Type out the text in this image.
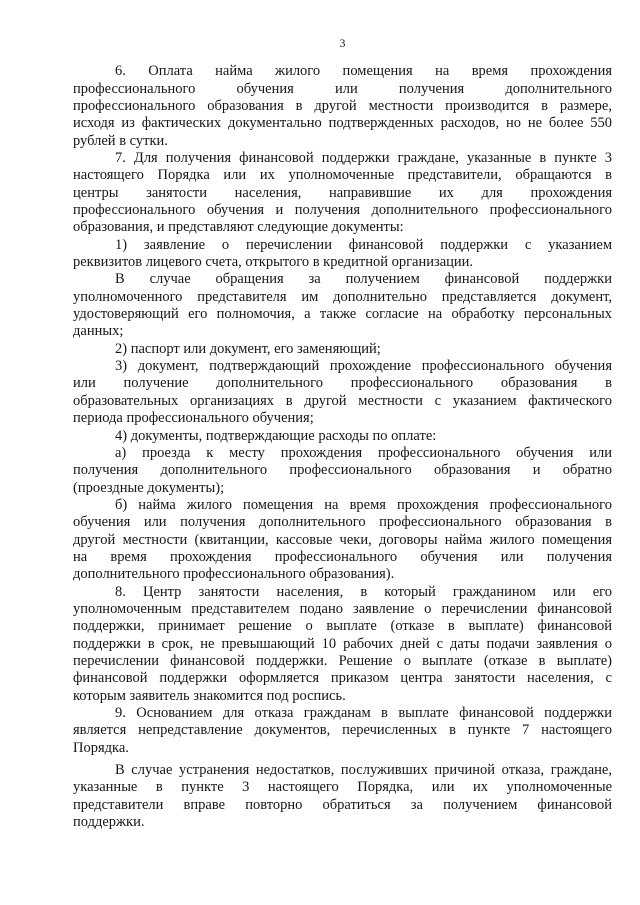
3
6. Оплата найма жилого помещения на время прохождения
профессионального обучения или получения дополнительного
профессионального образования в другой местности производится в размере,
исходя из фактических документально подтвержденных расходов, но не более 550
рублей в сутки.
7. Для получения финансовой поддержки граждане, указанные в пункте 3
настоящего Порядка или их уполномоченные представители, обращаются в
центры занятости населения, направившие их для прохождения
профессионального обучения и получения дополнительного профессионального
образования, и представляют следующие документы:
1) заявление о перечислении финансовой поддержки с указанием
реквизитов лицевого счета, открытого в кредитной организации.
В случае обращения за получением финансовой поддержки
уполномоченного представителя им дополнительно представляется документ,
удостоверяющий его полномочия, а также согласие на обработку персональных
данных;
2) паспорт или документ, его заменяющий;
3) документ, подтверждающий прохождение профессионального обучения
или получение дополнительного профессионального образования в
образовательных организациях в другой местности с указанием фактического
периода профессионального обучения;
4) документы, подтверждающие расходы по оплате:
а) проезда к месту прохождения профессионального обучения или
получения дополнительного профессионального образования и обратно
(проездные документы);
б) найма жилого помещения на время прохождения профессионального
обучения или получения дополнительного профессионального образования в
другой местности (квитанции, кассовые чеки, договоры найма жилого помещения
на время прохождения профессионального обучения или получения
дополнительного профессионального образования).
8. Центр занятости населения, в который гражданином или его
уполномоченным представителем подано заявление о перечислении финансовой
поддержки, принимает решение о выплате (отказе в выплате) финансовой
поддержки в срок, не превышающий 10 рабочих дней с даты подачи заявления о
перечислении финансовой поддержки. Решение о выплате (отказе в выплате)
финансовой поддержки оформляется приказом центра занятости населения, с
которым заявитель знакомится под роспись.
9. Основанием для отказа гражданам в выплате финансовой поддержки
является непредставление документов, перечисленных в пункте 7 настоящего
Порядка.
В случае устранения недостатков, послуживших причиной отказа, граждане,
указанные в пункте 3 настоящего Порядка, или их уполномоченные
представители вправе повторно обратиться за получением финансовой
поддержки.
